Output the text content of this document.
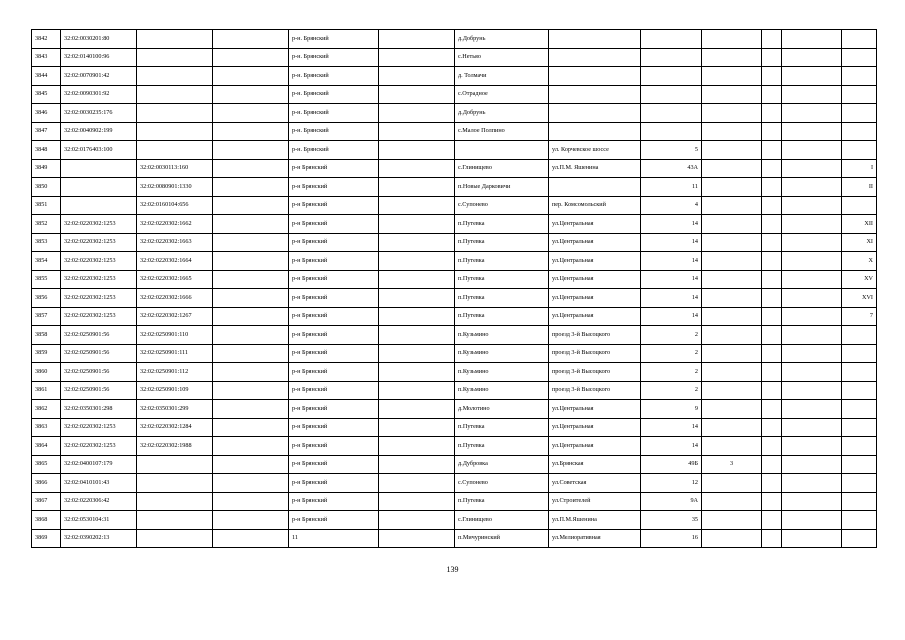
3842	32:02:0030201:80			р-н. Брянский		д.Добрунь						
3843	32:02:0140100:96			р-н. Брянский		с.Нетьяо						
3844	32:02:0070901:42			р-н. Брянский		д. Толмачи						
3845	32:02:0090301:92			р-н. Брянский		с.Отрадное						
3846	32:02:0030235:176			р-н. Брянский		д.Добрунь						
3847	32:02:0040902:199			р-н. Брянский		с.Малое Полпино						
3848	32:02:0176403:100			р-н. Брянский			ул. Корчевское шоссе	5				
3849		32:02:0030113:160		р-н Брянский		с.Глинищево	ул.П.М. Яшенина	43А				I
3850		32:02:0080901:1330		р-н Брянский		п.Новые Дарковичи		11				II
3851		32:02:0160104:656		р-н Брянский		с.Супонево	пер. Комсомольский	4				
3852	32:02:0220302:1253	32:02:0220302:1662		р-н Брянский		п.Путевка	ул.Центральная	14				XII
3853	32:02:0220302:1253	32:02:0220302:1663		р-н Брянский		п.Путевка	ул.Центральная	14				XI
3854	32:02:0220302:1253	32:02:0220302:1664		р-н Брянский		п.Путевка	ул.Центральная	14				X
3855	32:02:0220302:1253	32:02:0220302:1665		р-н Брянский		п.Путевка	ул.Центральная	14				XV
3856	32:02:0220302:1253	32:02:0220302:1666		р-н Брянский		п.Путевка	ул.Центральная	14				XVI
3857	32:02:0220302:1253	32:02:0220302:1267		р-н Брянский		п.Путевка	ул.Центральная	14				7
3858	32:02:0250901:56	32:02:0250901:110		р-н Брянский		п.Кузьмино	проезд 3-й Высоцкого	2				
3859	32:02:0250901:56	32:02:0250901:111		р-н Брянский		п.Кузьмино	проезд 3-й Высоцкого	2				
3860	32:02:0250901:56	32:02:0250901:112		р-н Брянский		п.Кузьмино	проезд 3-й Высоцкого	2				
3861	32:02:0250901:56	32:02:0250901:109		р-н Брянский		п.Кузьмино	проезд 3-й Высоцкого	2				
3862	32:02:0350301:298	32:02:0350301:299		р-н Брянский		д.Молотино	ул.Центральная	9				
3863	32:02:0220302:1253	32:02:0220302:1284		р-н Брянский		п.Путевка	ул.Центральная	14				
3864	32:02:0220302:1253	32:02:0220302:1988		р-н Брянский		п.Путевка	ул.Центральная	14				
3865	32:02:0400107:179			р-н Брянский		д.Дубровка	ул.Брянская	49Б	3			
3866	32:02:0410101:43			р-н Брянский		с.Супонево	ул.Советская	12				
3867	32:02:0220306:42			р-н Брянский		п.Путевка	ул.Строителей	9А				
3868	32:02:0530104:31			р-н Брянский		с.Глинищево	ул.П.М.Яшенина	35				
3869	32:02:0390202:13			11		п.Мичуринский	ул.Мелиоративная	16				
139
